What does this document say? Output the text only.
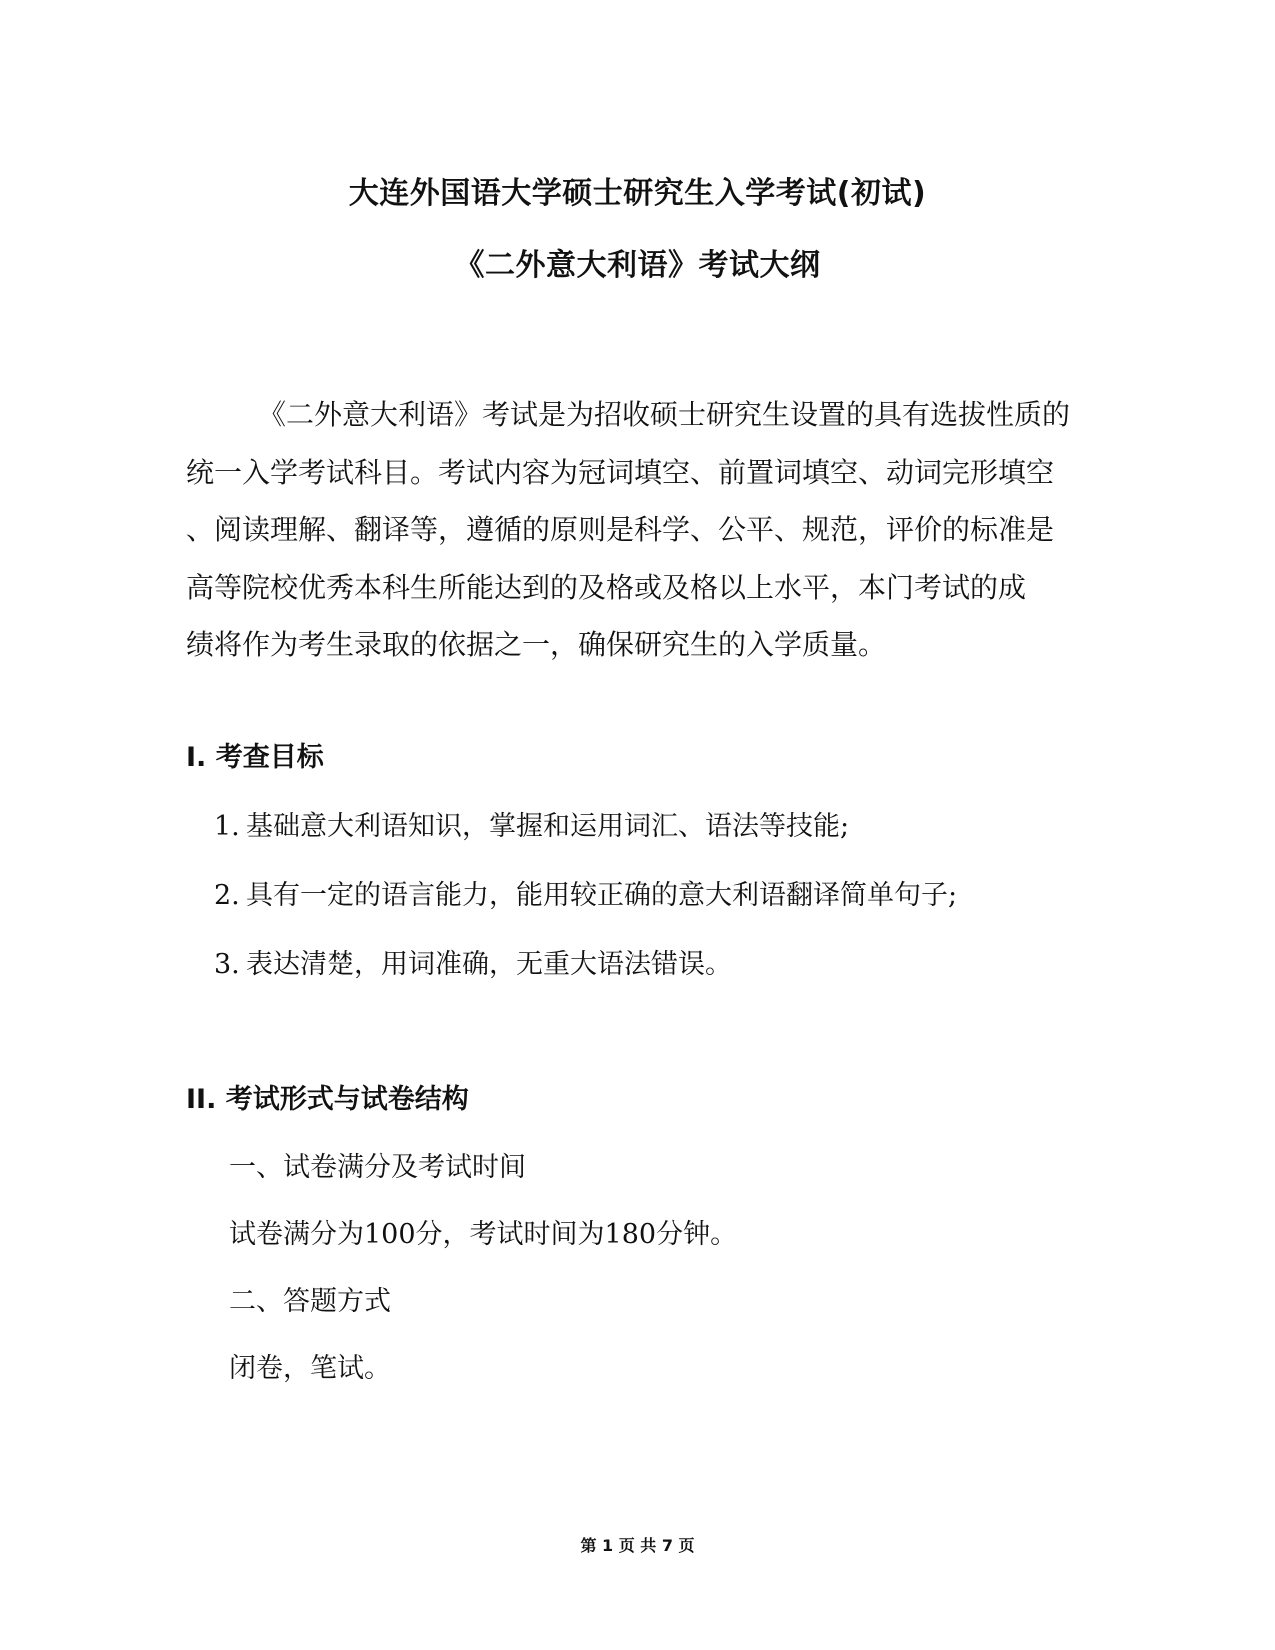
大连外国语大学硕士研究生入学考试(初试)
《二外意大利语》考试大纲
《二外意大利语》考试是为招收硕士研究生设置的具有选拔性质的
统一入学考试科目。考试内容为冠词填空、前置词填空、动词完形填空
、阅读理解、翻译等，遵循的原则是科学、公平、规范，评价的标准是
高等院校优秀本科生所能达到的及格或及格以上水平，本门考试的成
绩将作为考生录取的依据之一，确保研究生的入学质量。
I. 考查目标
1. 基础意大利语知识，掌握和运用词汇、语法等技能;
2. 具有一定的语言能力，能用较正确的意大利语翻译简单句子;
3. 表达清楚，用词准确，无重大语法错误。
II. 考试形式与试卷结构
一、试卷满分及考试时间
试卷满分为100分，考试时间为180分钟。
二、答题方式
闭卷，笔试。
第 1 页 共 7 页
